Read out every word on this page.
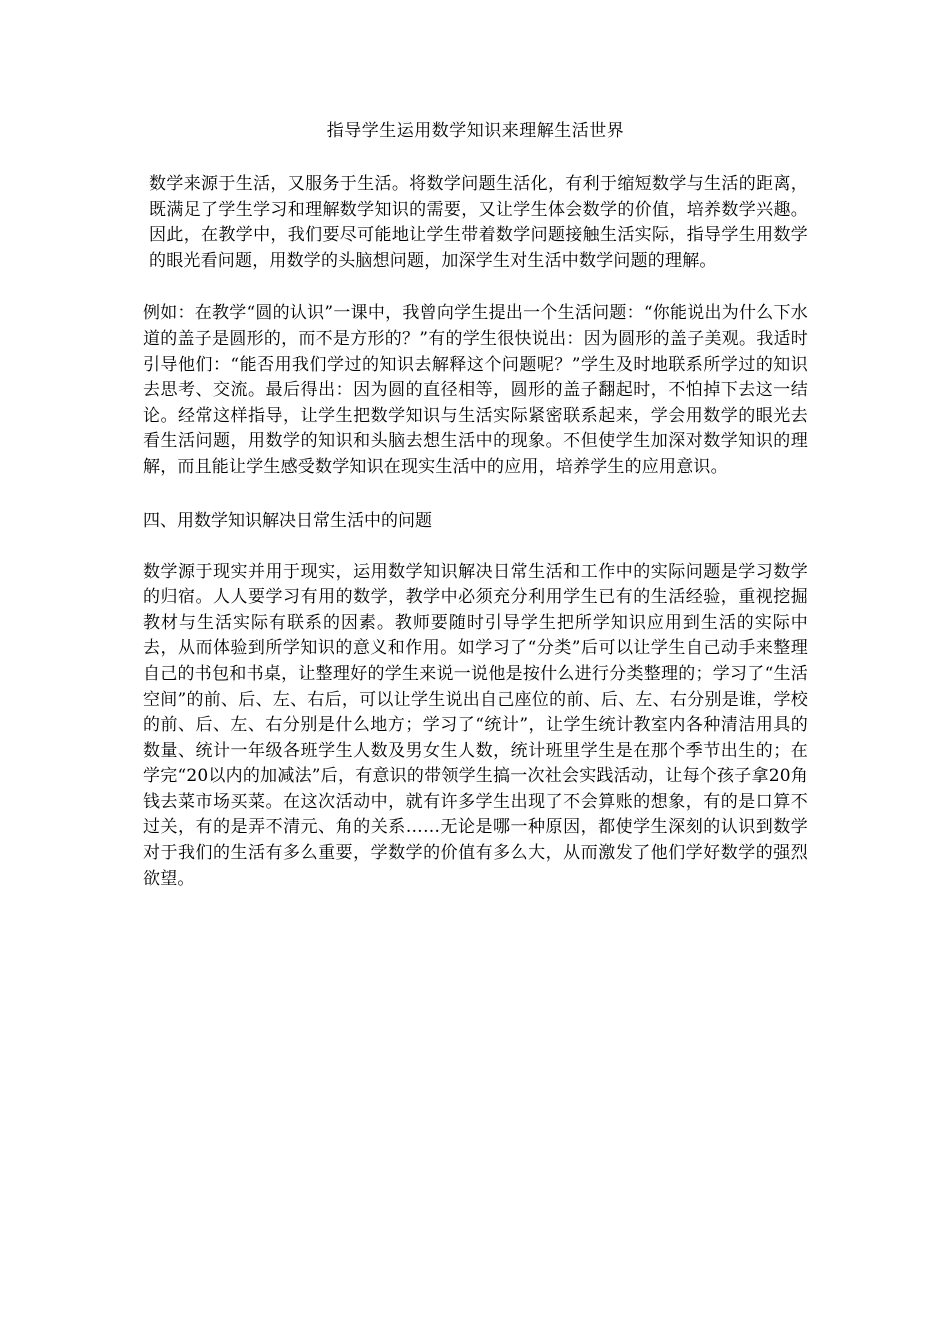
指导学生运用数学知识来理解生活世界

数学来源于生活，又服务于生活。将数学问题生活化，有利于缩短数学与生活的距离，既满足了学生学习和理解数学知识的需要，又让学生体会数学的价值，培养数学兴趣。因此，在教学中，我们要尽可能地让学生带着数学问题接触生活实际，指导学生用数学的眼光看问题，用数学的头脑想问题，加深学生对生活中数学问题的理解。

例如：在教学“圆的认识”一课中，我曾向学生提出一个生活问题：“你能说出为什么下水道的盖子是圆形的，而不是方形的？”有的学生很快说出：因为圆形的盖子美观。我适时引导他们：“能否用我们学过的知识去解释这个问题呢？”学生及时地联系所学过的知识去思考、交流。最后得出：因为圆的直径相等，圆形的盖子翻起时，不怕掉下去这一结论。经常这样指导，让学生把数学知识与生活实际紧密联系起来，学会用数学的眼光去看生活问题，用数学的知识和头脑去想生活中的现象。不但使学生加深对数学知识的理解，而且能让学生感受数学知识在现实生活中的应用，培养学生的应用意识。

四、用数学知识解决日常生活中的问题

数学源于现实并用于现实，运用数学知识解决日常生活和工作中的实际问题是学习数学的归宿。人人要学习有用的数学，教学中必须充分利用学生已有的生活经验，重视挖掘教材与生活实际有联系的因素。教师要随时引导学生把所学知识应用到生活的实际中去，从而体验到所学知识的意义和作用。如学习了“分类”后可以让学生自己动手来整理自己的书包和书桌，让整理好的学生来说一说他是按什么进行分类整理的；学习了“生活空间”的前、后、左、右后，可以让学生说出自己座位的前、后、左、右分别是谁，学校的前、后、左、右分别是什么地方；学习了“统计”，让学生统计教室内各种清洁用具的数量、统计一年级各班学生人数及男女生人数，统计班里学生是在那个季节出生的；在学完“20以内的加减法”后，有意识的带领学生搞一次社会实践活动，让每个孩子拿20角钱去菜市场买菜。在这次活动中，就有许多学生出现了不会算账的想象，有的是口算不过关，有的是弄不清元、角的关系……无论是哪一种原因，都使学生深刻的认识到数学对于我们的生活有多么重要，学数学的价值有多么大，从而激发了他们学好数学的强烈欲望。
